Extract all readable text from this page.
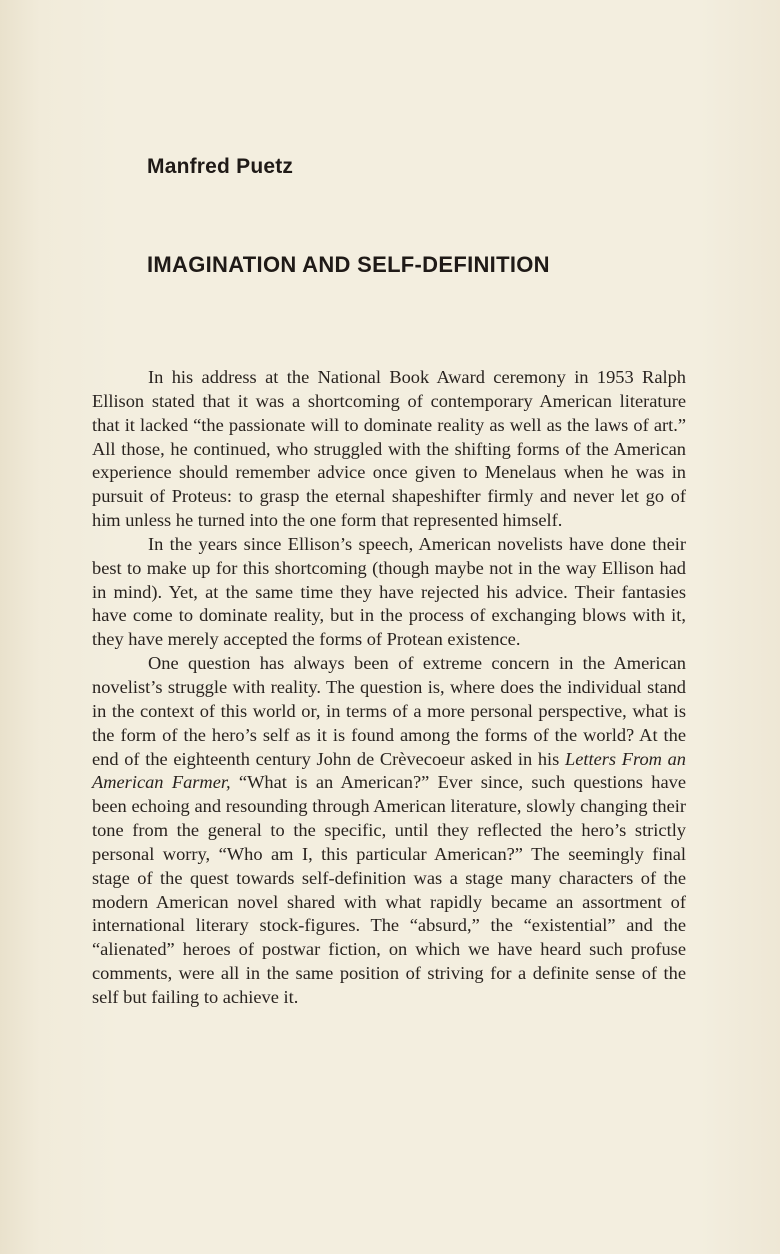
Manfred Puetz
IMAGINATION AND SELF-DEFINITION

In his address at the National Book Award ceremony in 1953 Ralph Ellison stated that it was a shortcoming of contemporary American literature that it lacked “the passionate will to dominate reality as well as the laws of art.” All those, he continued, who struggled with the shifting forms of the American experience should remember advice once given to Menelaus when he was in pursuit of Proteus: to grasp the eternal shapeshifter firmly and never let go of him unless he turned into the one form that represented himself.

In the years since Ellison’s speech, American novelists have done their best to make up for this shortcoming (though maybe not in the way Ellison had in mind). Yet, at the same time they have rejected his advice. Their fantasies have come to dominate reality, but in the process of exchanging blows with it, they have merely accepted the forms of Protean existence.

One question has always been of extreme concern in the American novelist’s struggle with reality. The question is, where does the individual stand in the context of this world or, in terms of a more personal perspective, what is the form of the hero’s self as it is found among the forms of the world? At the end of the eighteenth century John de Crèvecoeur asked in his Letters From an American Farmer, “What is an American?” Ever since, such questions have been echoing and resounding through American literature, slowly changing their tone from the general to the specific, until they reflected the hero’s strictly personal worry, “Who am I, this particular American?” The seemingly final stage of the quest towards self-definition was a stage many characters of the modern American novel shared with what rapidly became an assortment of international literary stock-figures. The “absurd,” the “existential” and the “alienated” heroes of postwar fiction, on which we have heard such profuse comments, were all in the same position of striving for a definite sense of the self but failing to achieve it.
